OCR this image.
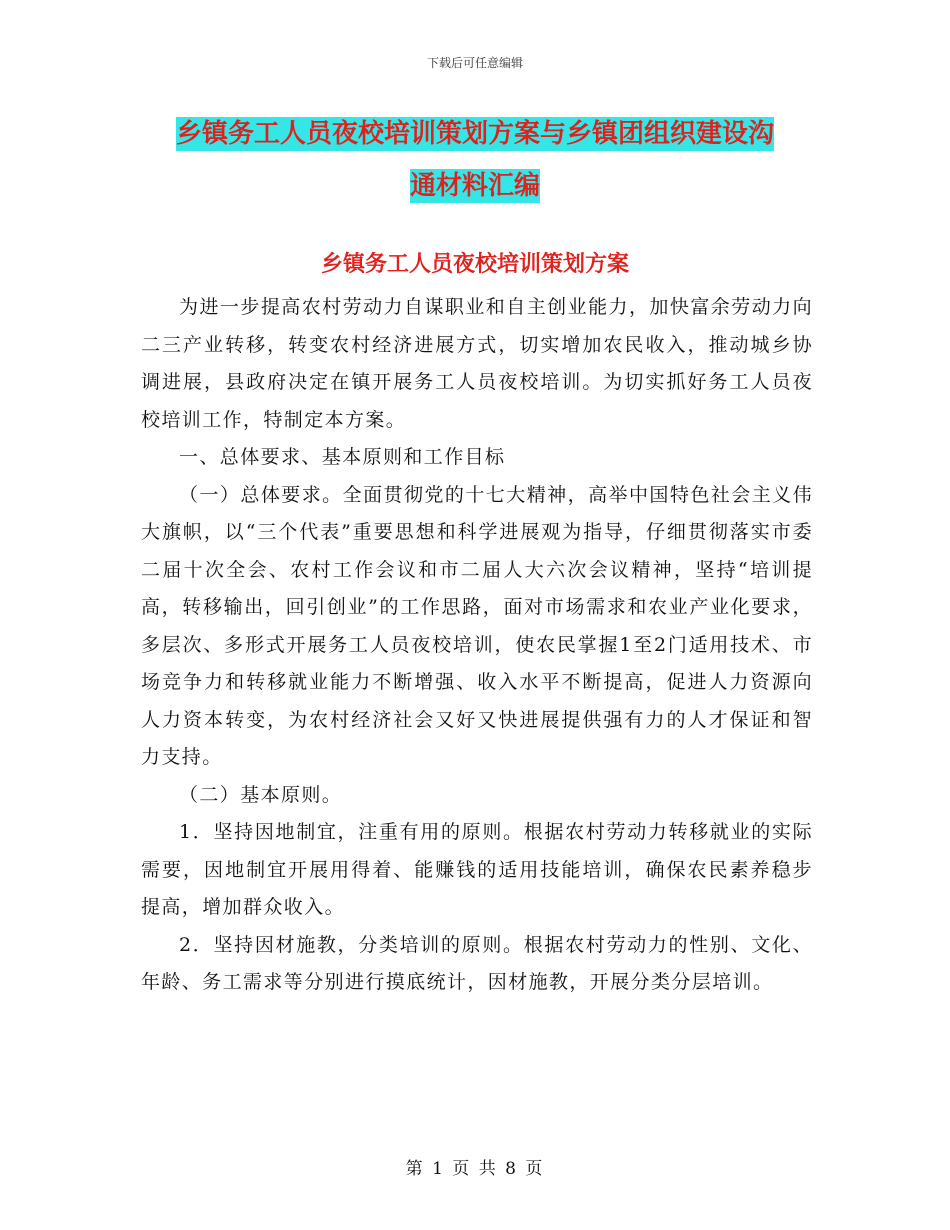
下载后可任意编辑
乡镇务工人员夜校培训策划方案与乡镇团组织建设沟
通材料汇编
乡镇务工人员夜校培训策划方案

为进一步提高农村劳动力自谋职业和自主创业能力，加快富余劳动力向二三产业转移，转变农村经济进展方式，切实增加农民收入，推动城乡协调进展，县政府决定在镇开展务工人员夜校培训。为切实抓好务工人员夜校培训工作，特制定本方案。

一、总体要求、基本原则和工作目标

（一）总体要求。全面贯彻党的十七大精神，高举中国特色社会主义伟大旗帜，以“三个代表”重要思想和科学进展观为指导，仔细贯彻落实市委二届十次全会、农村工作会议和市二届人大六次会议精神，坚持“培训提高，转移输出，回引创业”的工作思路，面对市场需求和农业产业化要求，多层次、多形式开展务工人员夜校培训，使农民掌握1至2门适用技术、市场竞争力和转移就业能力不断增强、收入水平不断提高，促进人力资源向人力资本转变，为农村经济社会又好又快进展提供强有力的人才保证和智力支持。

（二）基本原则。

1．坚持因地制宜，注重有用的原则。根据农村劳动力转移就业的实际需要，因地制宜开展用得着、能赚钱的适用技能培训，确保农民素养稳步提高，增加群众收入。

2．坚持因材施教，分类培训的原则。根据农村劳动力的性别、文化、年龄、务工需求等分别进行摸底统计，因材施教，开展分类分层培训。

第 1 页 共 8 页
